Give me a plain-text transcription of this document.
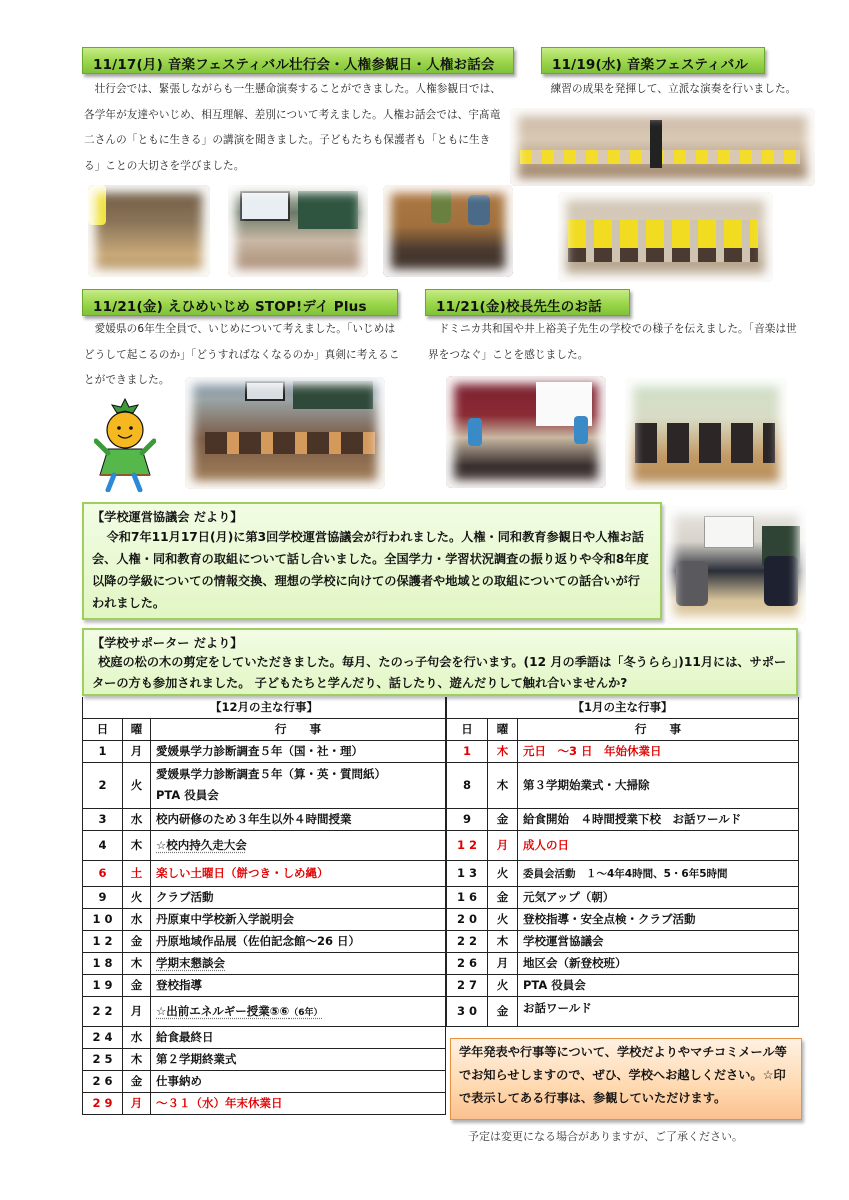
11/17(月) 音楽フェスティバル壮行会・人権参観日・人権お話会
壮行会では、緊張しながらも一生懸命演奏することができました。人権参観日では、各学年が友達やいじめ、相互理解、差別について考えました。人権お話会では、宇髙竜二さんの「ともに生きる」の講演を聞きました。子どもたちも保護者も「ともに生きる」ことの大切さを学びました。
11/19(水) 音楽フェスティバル
練習の成果を発揮して、立派な演奏を行いました。
11/21(金) えひめいじめ STOP!デイ Plus
愛媛県の6年生全員で、いじめについて考えました。「いじめはどうして起こるのか」「どうすればなくなるのか」真剣に考えることができました。
11/21(金)校長先生のお話
ドミニカ共和国や井上裕美子先生の学校での様子を伝えました。「音楽は世界をつなぐ」ことを感じました。
【学校運営協議会 だより】
令和7年11月17日(月)に第3回学校運営協議会が行われました。人権・同和教育参観日や人権お話会、人権・同和教育の取組について話し合いました。全国学力・学習状況調査の振り返りや令和8年度以降の学級についての情報交換、理想の学校に向けての保護者や地域との取組についての話合いが行われました。
【学校サポーター だより】
校庭の松の木の剪定をしていただきました。毎月、たのっ子句会を行います。(12 月の季語は「冬うらら」)11月には、サポーターの方も参加されました。 子どもたちと学んだり、話したり、遊んだりして触れ合いませんか?
【12月の主な行事】		
日	曜	行　　事
1	月	愛媛県学力診断調査５年（国・社・理）
2	火	愛媛県学力診断調査５年（算・英・質問紙）
PTA 役員会

3	水	校内研修のため３年生以外４時間授業
4	木	☆校内持久走大会
6	土	楽しい土曜日（餅つき・しめ縄）
9	火	クラブ活動
10	水	丹原東中学校新入学説明会
12	金	丹原地域作品展（佐伯記念館～26 日）
18	木	学期末懇談会
19	金	登校指導
22	月	☆出前エネルギー授業⑤⑥（6年）
24	水	給食最終日
25	木	第２学期終業式
26	金	仕事納め
29	月	～３１（水）年末休業日
【1月の主な行事】		
日	曜	行　　事
1	木	元日　～3 日　年始休業日
8	木	第３学期始業式・大掃除
9	金	給食開始　４時間授業下校　お話ワールド
12	月	成人の日
13	火	委員会活動　１～4年4時間、5・6年5時間
16	金	元気アップ（朝）
20	火	登校指導・安全点検・クラブ活動
22	木	学校運営協議会
26	月	地区会（新登校班）
27	火	PTA 役員会
30	金	お話ワールド
学年発表や行事等について、学校だよりやマチコミメール等でお知らせしますので、ぜひ、学校へお越しください。☆印で表示してある行事は、参観していただけます。
予定は変更になる場合がありますが、ご了承ください。
